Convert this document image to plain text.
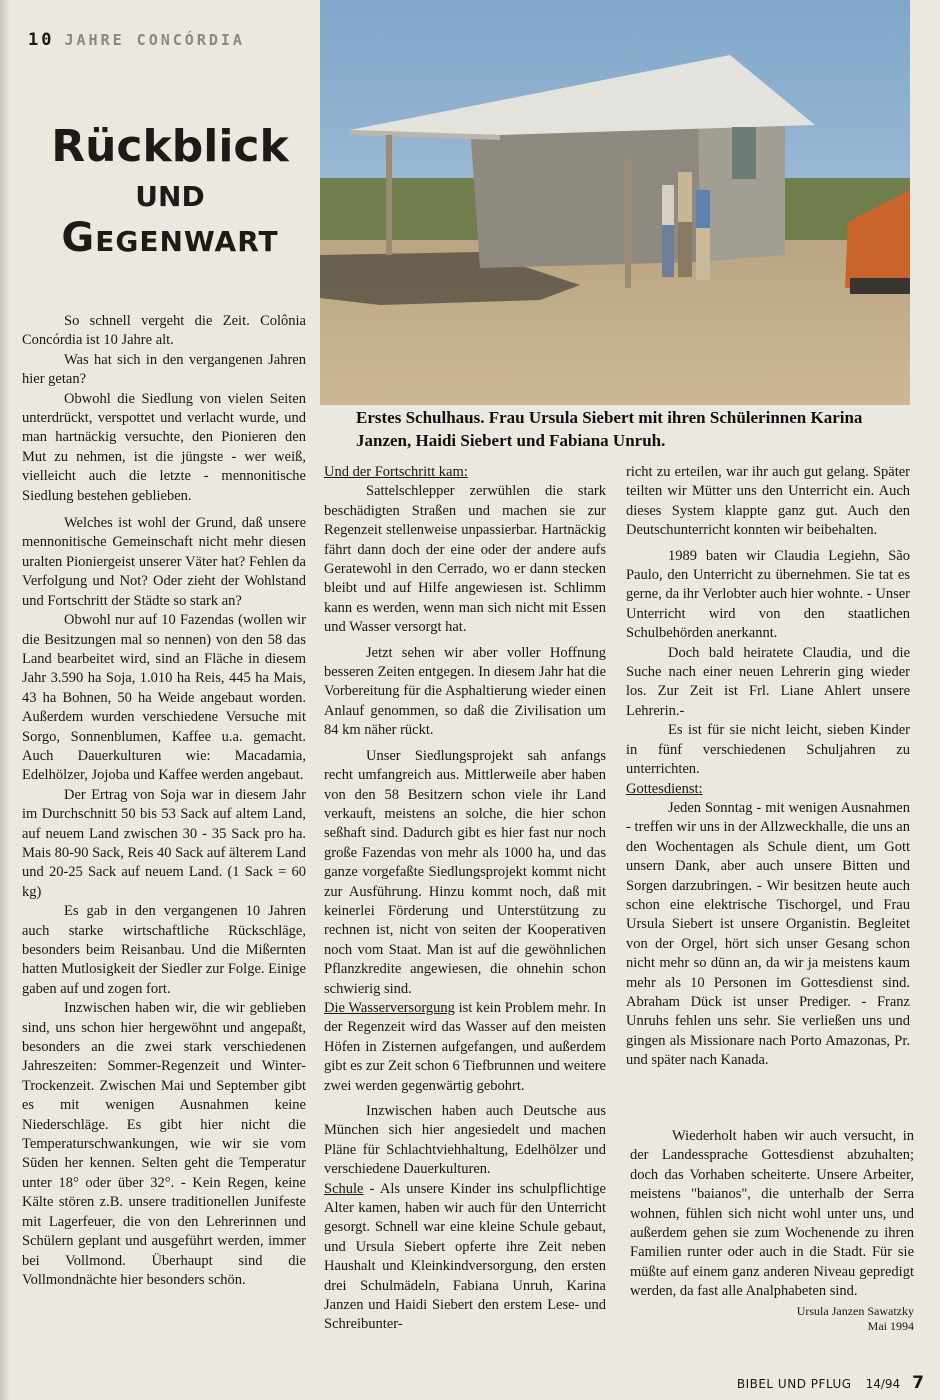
10 JAHRE CONCÓRDIA
Rückblick
und
Gegenwart
Erstes Schulhaus. Frau Ursula Siebert mit ihren Schülerinnen Karina Janzen, Haidi Siebert und Fabiana Unruh.

So schnell vergeht die Zeit. Colônia Concórdia ist 10 Jahre alt.

Was hat sich in den vergangenen Jahren hier getan?

Obwohl die Siedlung von vielen Seiten unterdrückt, verspottet und verlacht wurde, und man hartnäckig versuchte, den Pionieren den Mut zu nehmen, ist die jüngste - wer weiß, vielleicht auch die letzte - mennonitische Siedlung bestehen geblieben.

Welches ist wohl der Grund, daß unsere mennonitische Gemeinschaft nicht mehr diesen uralten Pioniergeist unserer Väter hat? Fehlen da Verfolgung und Not? Oder zieht der Wohlstand und Fortschritt der Städte so stark an?

Obwohl nur auf 10 Fazendas (wollen wir die Besitzungen mal so nennen) von den 58 das Land bearbeitet wird, sind an Fläche in diesem Jahr 3.590 ha Soja, 1.010 ha Reis, 445 ha Mais, 43 ha Bohnen, 50 ha Weide angebaut worden. Außerdem wurden verschiedene Versuche mit Sorgo, Sonnenblumen, Kaffee u.a. gemacht. Auch Dauerkulturen wie: Macadamia, Edelhölzer, Jojoba und Kaffee werden angebaut.

Der Ertrag von Soja war in diesem Jahr im Durchschnitt 50 bis 53 Sack auf altem Land, auf neuem Land zwischen 30 - 35 Sack pro ha. Mais 80-90 Sack, Reis 40 Sack auf älterem Land und 20-25 Sack auf neuem Land. (1 Sack = 60 kg)

Es gab in den vergangenen 10 Jahren auch starke wirtschaftliche Rückschläge, besonders beim Reisanbau. Und die Mißernten hatten Mutlosigkeit der Siedler zur Folge. Einige gaben auf und zogen fort.

Inzwischen haben wir, die wir geblieben sind, uns schon hier hergewöhnt und angepaßt, besonders an die zwei stark verschiedenen Jahreszeiten: Sommer-Regenzeit und Winter-Trockenzeit. Zwischen Mai und September gibt es mit wenigen Ausnahmen keine Niederschläge. Es gibt hier nicht die Temperaturschwankungen, wie wir sie vom Süden her kennen. Selten geht die Temperatur unter 18° oder über 32°. - Kein Regen, keine Kälte stören z.B. unsere traditionellen Junifeste mit Lagerfeuer, die von den Lehrerinnen und Schülern geplant und ausgeführt werden, immer bei Vollmond. Überhaupt sind die Vollmondnächte hier besonders schön.

Und der Fortschritt kam:

Sattelschlepper zerwühlen die stark beschädigten Straßen und machen sie zur Regenzeit stellenweise unpassierbar. Hartnäckig fährt dann doch der eine oder der andere aufs Geratewohl in den Cerrado, wo er dann stecken bleibt und auf Hilfe angewiesen ist. Schlimm kann es werden, wenn man sich nicht mit Essen und Wasser versorgt hat.

Jetzt sehen wir aber voller Hoffnung besseren Zeiten entgegen. In diesem Jahr hat die Vorbereitung für die Asphaltierung wieder einen Anlauf genommen, so daß die Zivilisation um 84 km näher rückt.

Unser Siedlungsprojekt sah anfangs recht umfangreich aus. Mittlerweile aber haben von den 58 Besitzern schon viele ihr Land verkauft, meistens an solche, die hier schon seßhaft sind. Dadurch gibt es hier fast nur noch große Fazendas von mehr als 1000 ha, und das ganze vorgefaßte Siedlungsprojekt kommt nicht zur Ausführung. Hinzu kommt noch, daß mit keinerlei Förderung und Unterstützung zu rechnen ist, nicht von seiten der Kooperativen noch vom Staat. Man ist auf die gewöhnlichen Pflanzkredite angewiesen, die ohnehin schon schwierig sind.

Die Wasserversorgung ist kein Problem mehr. In der Regenzeit wird das Wasser auf den meisten Höfen in Zisternen aufgefangen, und außerdem gibt es zur Zeit schon 6 Tiefbrunnen und weitere zwei werden gegenwärtig gebohrt.

Inzwischen haben auch Deutsche aus München sich hier angesiedelt und machen Pläne für Schlachtviehhaltung, Edelhölzer und verschiedene Dauerkulturen.

Schule - Als unsere Kinder ins schulpflichtige Alter kamen, haben wir auch für den Unterricht gesorgt. Schnell war eine kleine Schule gebaut, und Ursula Siebert opferte ihre Zeit neben Haushalt und Kleinkindversorgung, den ersten drei Schulmädeln, Fabiana Unruh, Karina Janzen und Haidi Siebert den erstem Lese- und Schreibunter-

richt zu erteilen, war ihr auch gut gelang. Später teilten wir Mütter uns den Unterricht ein. Auch dieses System klappte ganz gut. Auch den Deutschunterricht konnten wir beibehalten.

1989 baten wir Claudia Legiehn, São Paulo, den Unterricht zu übernehmen. Sie tat es gerne, da ihr Verlobter auch hier wohnte. - Unser Unterricht wird von den staatlichen Schulbehörden anerkannt.

Doch bald heiratete Claudia, und die Suche nach einer neuen Lehrerin ging wieder los. Zur Zeit ist Frl. Liane Ahlert unsere Lehrerin.-

Es ist für sie nicht leicht, sieben Kinder in fünf verschiedenen Schuljahren zu unterrichten.

Gottesdienst:

Jeden Sonntag - mit wenigen Ausnahmen - treffen wir uns in der Allzweckhalle, die uns an den Wochentagen als Schule dient, um Gott unsern Dank, aber auch unsere Bitten und Sorgen darzubringen. - Wir besitzen heute auch schon eine elektrische Tischorgel, und Frau Ursula Siebert ist unsere Organistin. Begleitet von der Orgel, hört sich unser Gesang schon nicht mehr so dünn an, da wir ja meistens kaum mehr als 10 Personen im Gottesdienst sind. Abraham Dück ist unser Prediger. - Franz Unruhs fehlen uns sehr. Sie verließen uns und gingen als Missionare nach Porto Amazonas, Pr. und später nach Kanada.

Wiederholt haben wir auch versucht, in der Landessprache Gottesdienst abzuhalten; doch das Vorhaben scheiterte. Unsere Arbeiter, meistens "baianos", die unterhalb der Serra wohnen, fühlen sich nicht wohl unter uns, und außerdem gehen sie zum Wochenende zu ihren Familien runter oder auch in die Stadt. Für sie müßte auf einem ganz anderen Niveau gepredigt werden, da fast alle Analphabeten sind.

Ursula Janzen Sawatzky
Mai 1994
BIBEL UND PFLUG 14/94 7
